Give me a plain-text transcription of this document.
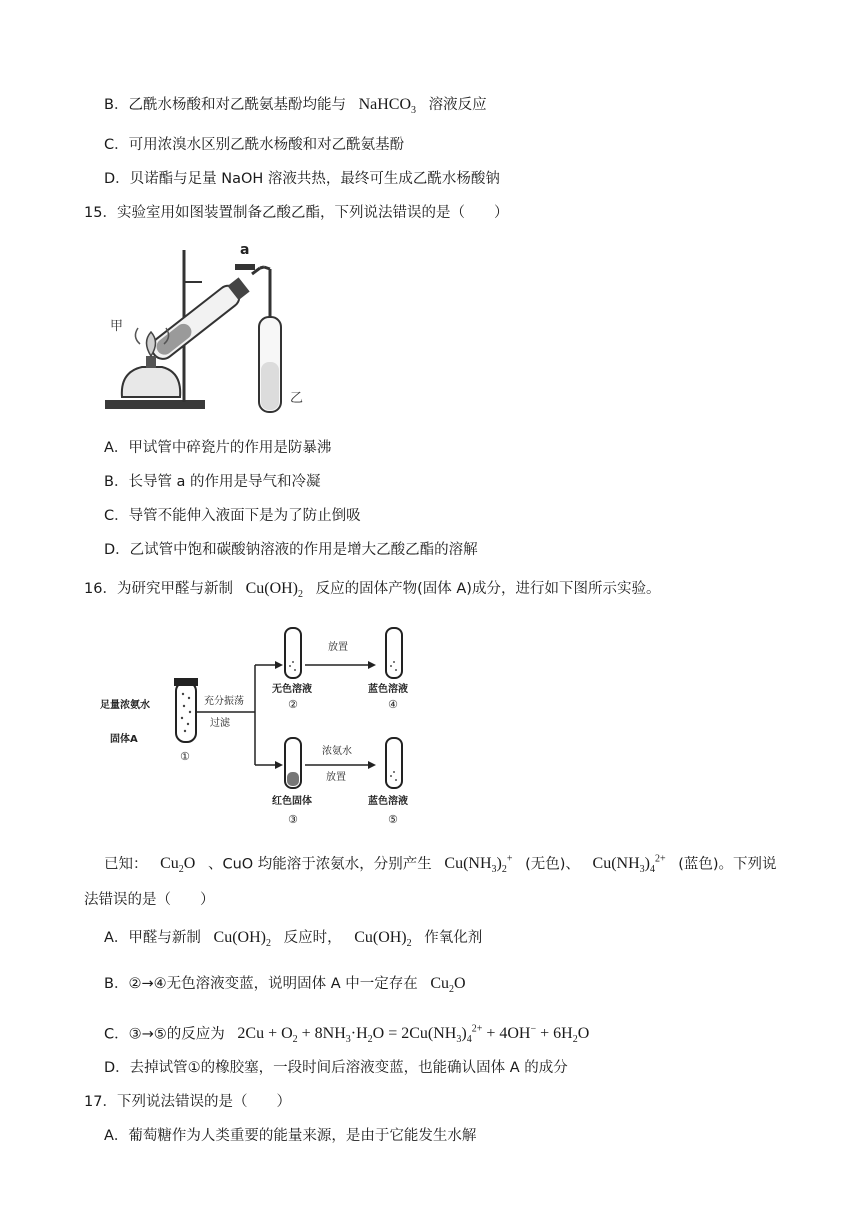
B．乙酰水杨酸和对乙酰氨基酚均能与   NaHCO$_3$  溶液反应
C．可用浓溴水区别乙酰水杨酸和对乙酰氨基酚
D．贝诺酯与足量 NaOH 溶液共热，最终可生成乙酰水杨酸钠
15．实验室用如图装置制备乙酸乙酯，下列说法错误的是（　　）
a
乙
甲
A．甲试管中碎瓷片的作用是防暴沸
B．长导管 a 的作用是导气和冷凝
C．导管不能伸入液面下是为了防止倒吸
D．乙试管中饱和碳酸钠溶液的作用是增大乙酸乙酯的溶解
16．为研究甲醛与新制   $Cu(OH)_2$  反应的固体产物(固体 A)成分，进行如下图所示实验。
足量浓氨水
固体A
①
充分振荡
过滤
无色溶液
②
放置
蓝色溶液
④
红色固体
③
浓氨水
放置
蓝色溶液
⑤
已知：   $Cu_2O$  、CuO 均能溶于浓氨水，分别产生   $Cu(NH_3)_2^+$  (无色)、   $Cu(NH_3)_4^{2+}$  (蓝色)。下列说
法错误的是（　　）
A．甲醛与新制   $Cu(OH)_2$  反应时，   $Cu(OH)_2$  作氧化剂
B．②→④无色溶液变蓝，说明固体 A 中一定存在   $Cu_2O$
C．③→⑤的反应为   $2Cu + O_2 + 8NH_3\cdot H_2O = 2Cu(NH_3)_4^{2+} + 4OH^- + 6H_2O$
D．去掉试管①的橡胶塞，一段时间后溶液变蓝，也能确认固体 A 的成分
17．下列说法错误的是（　　）
A．葡萄糖作为人类重要的能量来源，是由于它能发生水解
